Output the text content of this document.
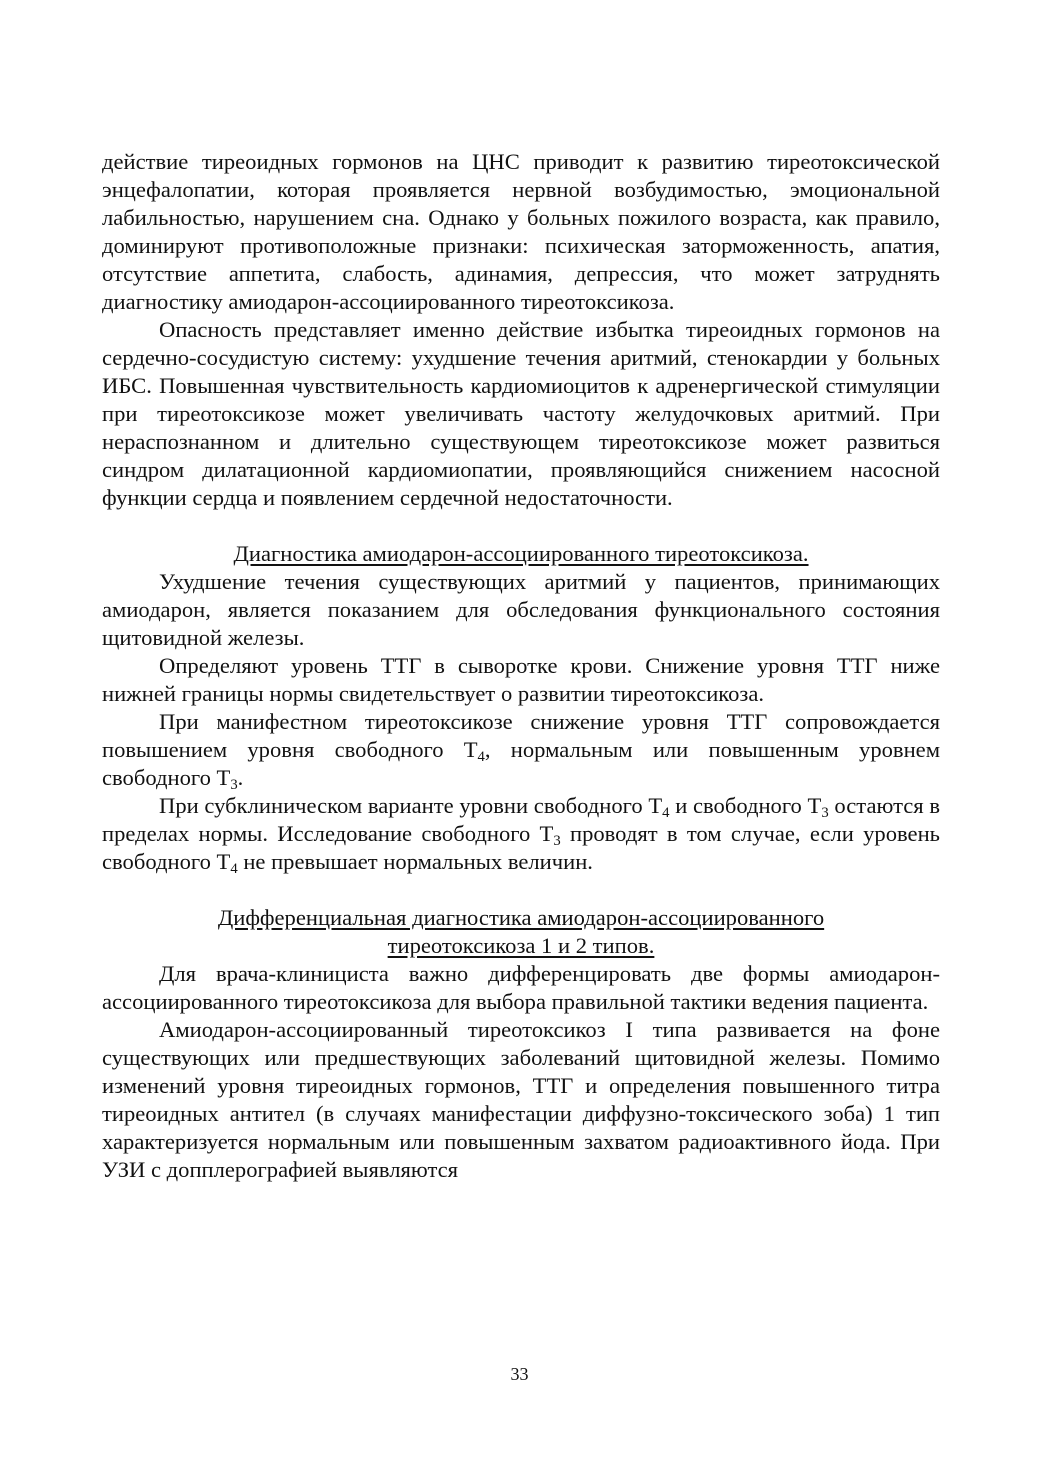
действие тиреоидных гормонов на ЦНС приводит к развитию тиреотоксической энцефалопатии, которая проявляется нервной возбудимостью, эмоциональной лабильностью, нарушением сна. Однако у больных пожилого возраста, как правило, доминируют противоположные признаки: психическая заторможенность, апатия, отсутствие аппетита, слабость, адинамия, депрессия, что может затруднять диагностику амиодарон-ассоциированного тиреотоксикоза.

Опасность представляет именно действие избытка тиреоидных гормонов на сердечно-сосудистую систему: ухудшение течения аритмий, стенокардии у больных ИБС. Повышенная чувствительность кардиомиоцитов к адренергической стимуляции при тиреотоксикозе может увеличивать частоту желудочковых аритмий. При нераспознанном и длительно существующем тиреотоксикозе может развиться синдром дилатационной кардиомиопатии, проявляющийся снижением насосной функции сердца и появлением сердечной недостаточности.

Диагностика амиодарон-ассоциированного тиреотоксикоза.

Ухудшение течения существующих аритмий у пациентов, принимающих амиодарон, является показанием для обследования функционального состояния щитовидной железы.

Определяют уровень ТТГ в сыворотке крови. Снижение уровня ТТГ ниже нижней границы нормы свидетельствует о развитии тиреотоксикоза.

При манифестном тиреотоксикозе снижение уровня ТТГ сопровождается повышением уровня свободного $Т_4$, нормальным или повышенным уровнем свободного $Т_3$.

При субклиническом варианте уровни свободного $Т_4$ и свободного $Т_3$ остаются в пределах нормы. Исследование свободного $Т_3$ проводят в том случае, если уровень свободного $Т_4$ не превышает нормальных величин.

Дифференциальная диагностика амиодарон-ассоциированного

тиреотоксикоза 1 и 2 типов.

Для врача-клинициста важно дифференцировать две формы амиодарон-ассоциированного тиреотоксикоза для выбора правильной тактики ведения пациента.

Амиодарон-ассоциированный тиреотоксикоз I типа развивается на фоне существующих или предшествующих заболеваний щитовидной железы. Помимо изменений уровня тиреоидных гормонов, ТТГ и определения повышенного титра тиреоидных антител (в случаях манифестации диффузно-токсического зоба) 1 тип характеризуется нормальным или повышенным захватом радиоактивного йода. При УЗИ с допплерографией выявляются

33
